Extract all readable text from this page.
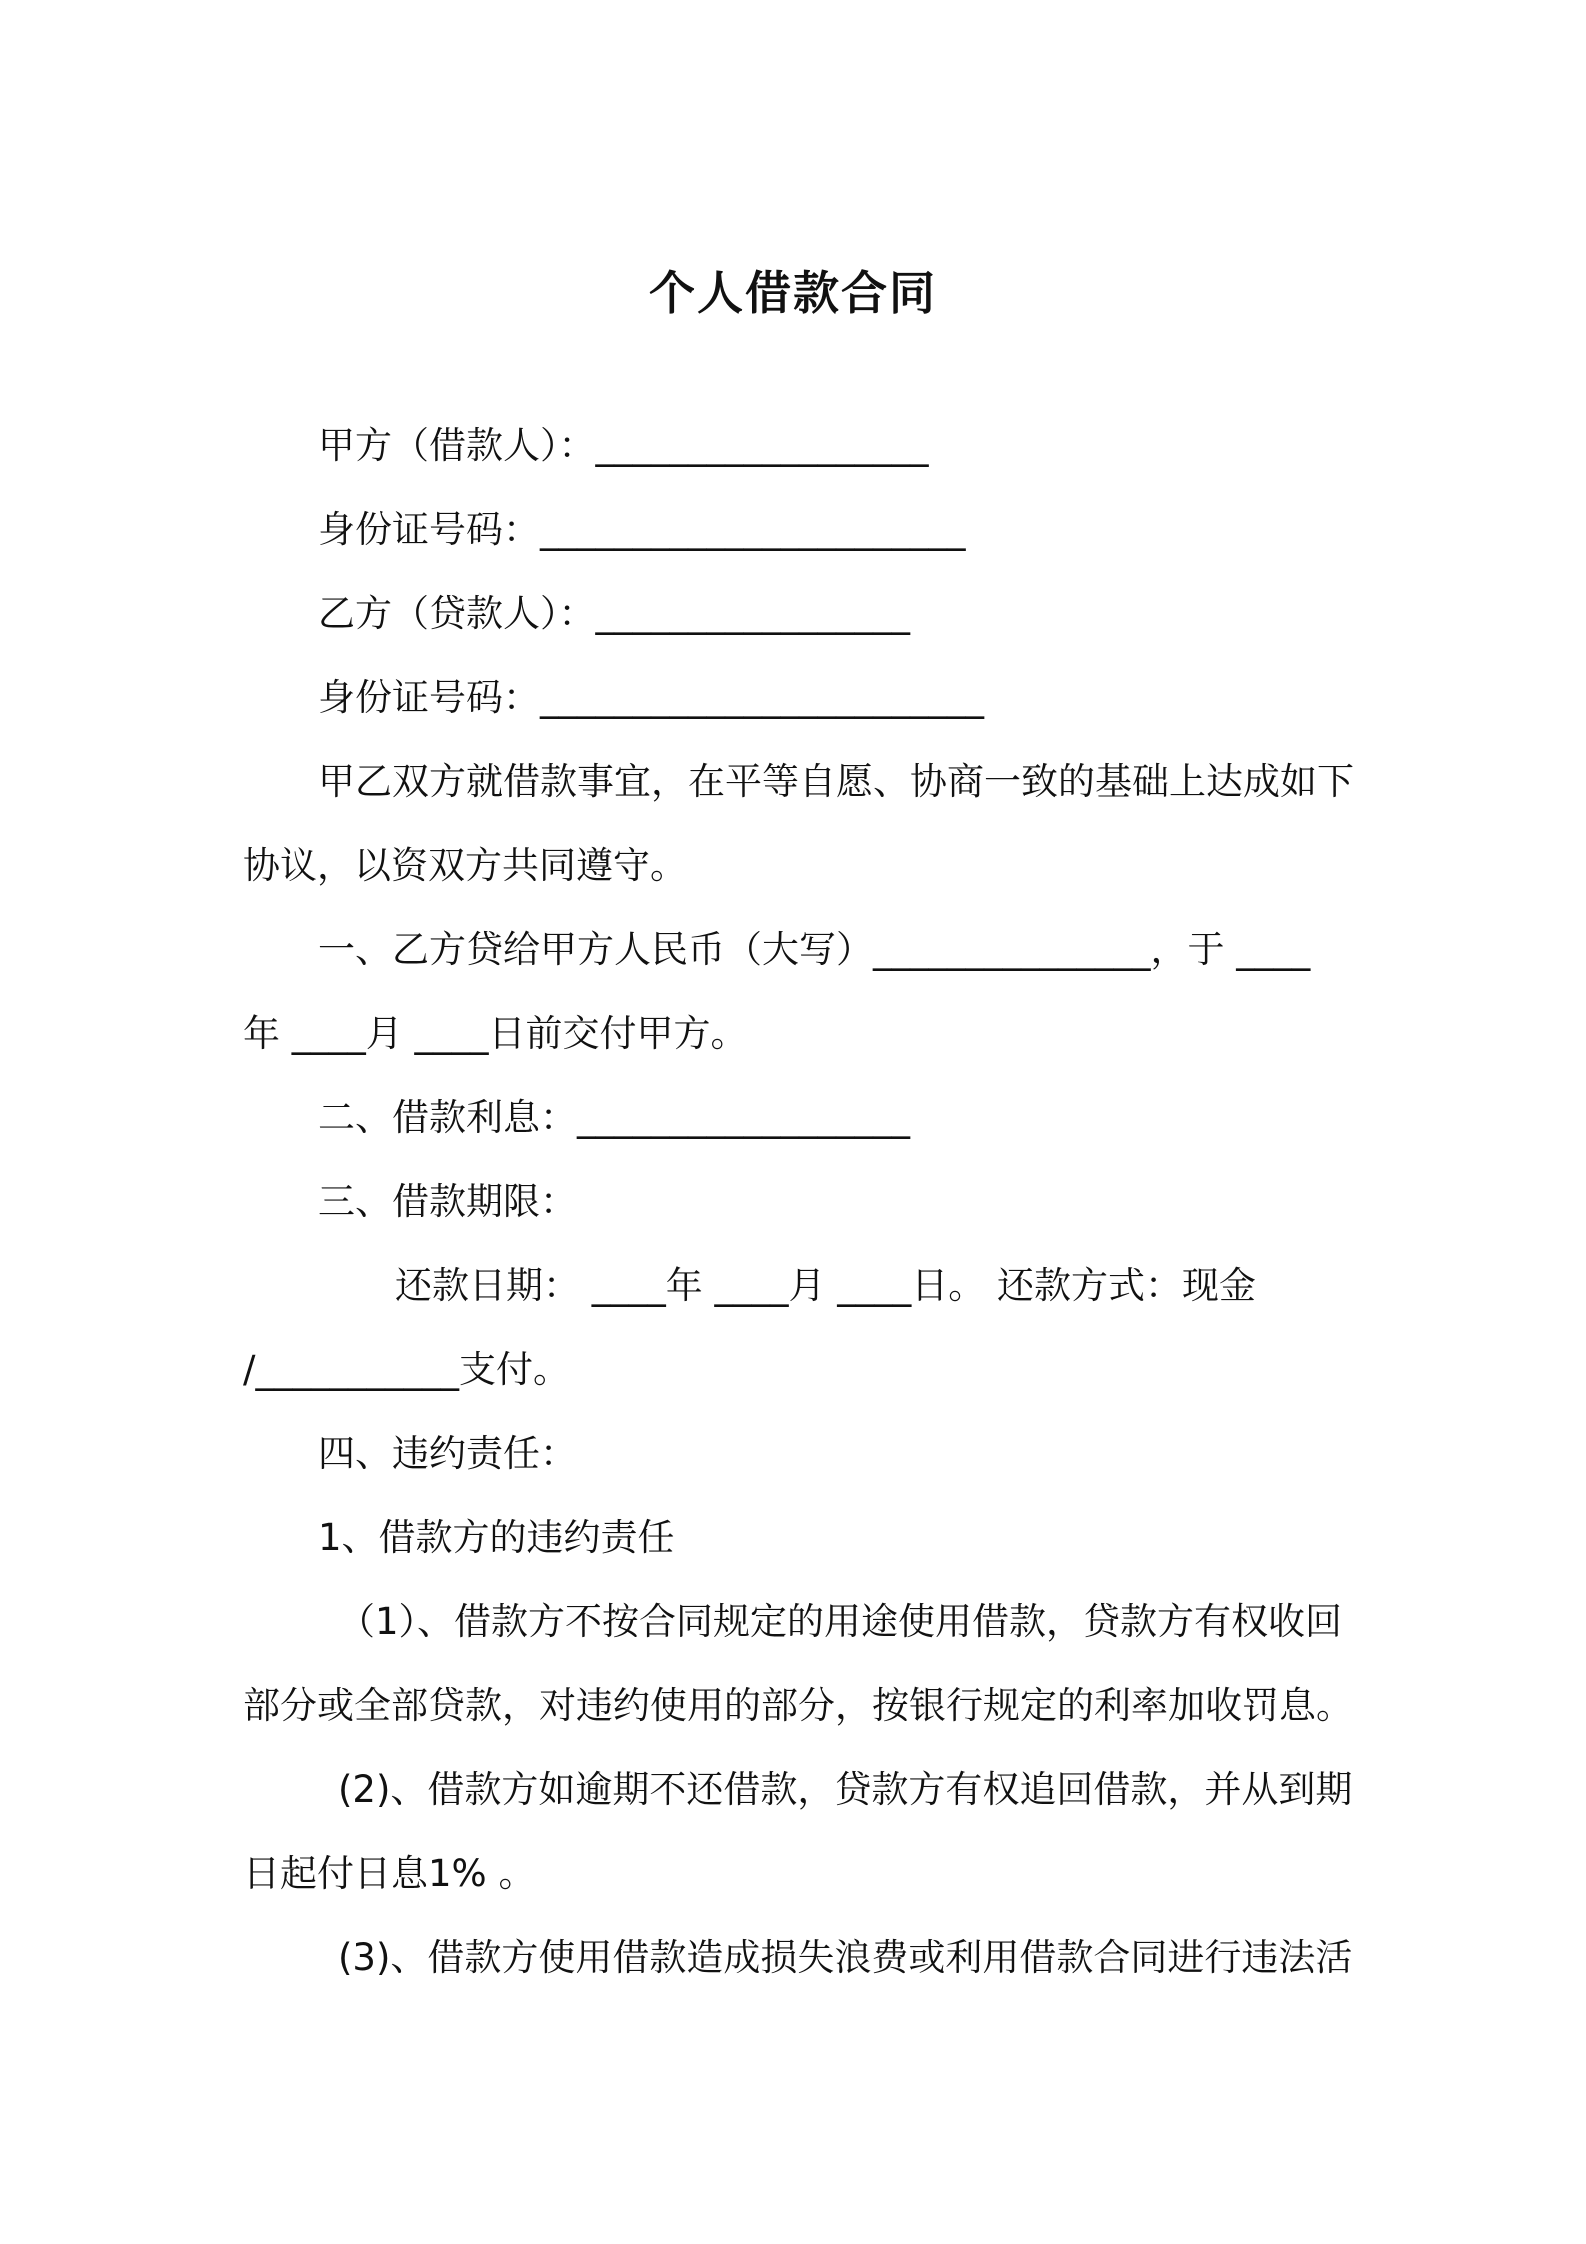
个人借款合同
甲方（借款人）：__________________
身份证号码：_______________________
乙方（贷款人）：_________________
身份证号码：________________________
甲乙双方就借款事宜，在平等自愿、协商一致的基础上达成如下
协议，以资双方共同遵守。
一、乙方贷给甲方人民币（大写）_______________，于 ____
年 ____月 ____日前交付甲方。
二、借款利息：__________________
三、借款期限：
还款日期： ____年 ____月 ____日。 还款方式：现金
/___________支付。
四、违约责任：
1、借款方的违约责任
（1）、借款方不按合同规定的用途使用借款，贷款方有权收回
部分或全部贷款，对违约使用的部分，按银行规定的利率加收罚息。
(2)、借款方如逾期不还借款，贷款方有权追回借款，并从到期
日起付日息1% 。
(3)、借款方使用借款造成损失浪费或利用借款合同进行违法活
